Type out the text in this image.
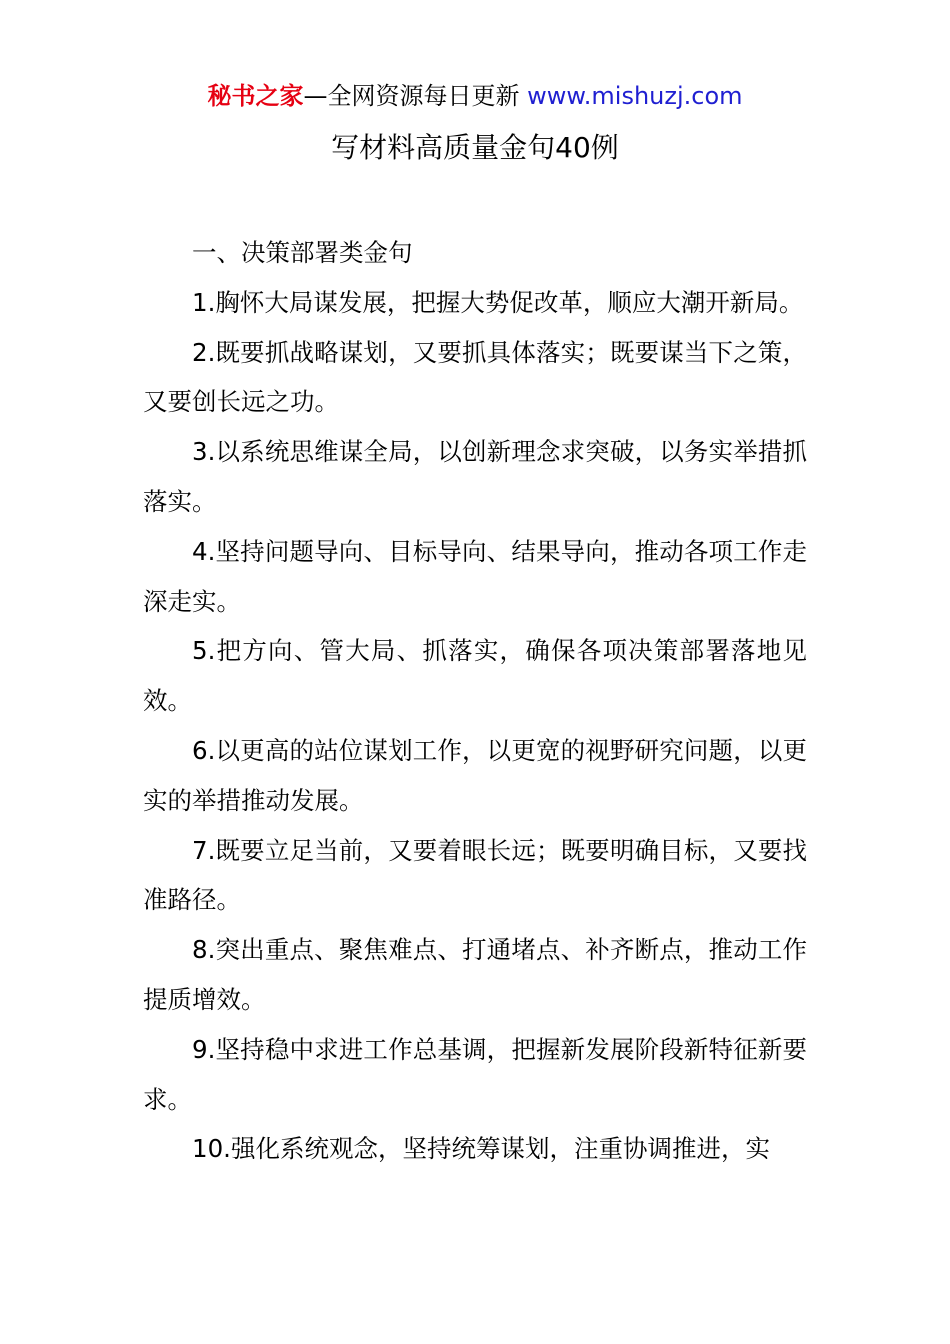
秘书之家—全网资源每日更新 www.mishuzj.com
写材料高质量金句40例

一、决策部署类金句

1.胸怀大局谋发展，把握大势促改革，顺应大潮开新局。

2.既要抓战略谋划，又要抓具体落实；既要谋当下之策，又要创长远之功。

3.以系统思维谋全局，以创新理念求突破，以务实举措抓落实。

4.坚持问题导向、目标导向、结果导向，推动各项工作走深走实。

5.把方向、管大局、抓落实，确保各项决策部署落地见效。

6.以更高的站位谋划工作，以更宽的视野研究问题，以更实的举措推动发展。

7.既要立足当前，又要着眼长远；既要明确目标，又要找准路径。

8.突出重点、聚焦难点、打通堵点、补齐断点，推动工作提质增效。

9.坚持稳中求进工作总基调，把握新发展阶段新特征新要求。

10.强化系统观念，坚持统筹谋划，注重协调推进，实
